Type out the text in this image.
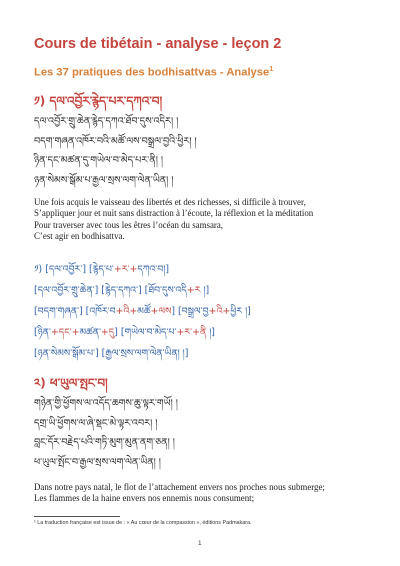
Cours de tibétain - analyse - leçon 2
Les 37 pratiques des bodhisattvas - Analyse$^1$
༡) དལ་འབྱོར་རྙེད་པར་དཀའ་བ།
དལ་འབྱོར་གྲུ་ཆེན་རྙེད་དཀའ་ཐོབ་དུས་འདིར། །
བདག་གཞན་འཁོར་བའི་མཚོ་ལས་བསྒྲལ་བྱའི་ཕྱིར། །
ཉིན་དང་མཚན་དུ་གཡེལ་བ་མེད་པར་ནི། །
ཉན་སེམས་སྒོམ་པ་རྒྱལ་སྲས་ལག་ལེན་ཡིན། །
Une fois acquis le vaisseau des libertés et des richesses, si difficile à trouver,
S’appliquer jour et nuit sans distraction à l’écoute, la réflexion et la méditation
Pour traverser avec tous les êtres l’océan du samsara,
C’est agir en bodhisattva.
༡) [དལ་འབྱོར་] [རྙེད་པ་+ར་+དཀའ་བ།]
[དལ་འབྱོར་གྲུ་ཆེན་] [རྙེད་དཀའ་] [ཐོབ་དུས་འདི+ར །]
[བདག་གཞན་] [འཁོར་བ+འི+མཚོ+ལས] [བསྒྲལ་བྱ+འི+ཕྱིར །]
[ཉིན་+དང་+མཚན་+དུ] [གཡེལ་བ་མེད་པ་+ར་+ནི །]
[ཉན་སེམས་སྒོམ་པ་] [རྒྱལ་སྲས་ལག་ལེན་ཡིན། །]
༢) ཕ་ཡུལ་སྤང་བ།
གཉེན་གྱི་ཕྱོགས་ལ་འདོད་ཆགས་ཆུ་ལྟར་གཡོ། །
དགྲ་ཡི་ཕྱོགས་ལ་ཞེ་སྡང་མེ་ལྟར་འབར། །
བླང་དོར་བརྗེད་པའི་གཏི་མུག་མུན་ནག་ཅན། །
ཕ་ཡུལ་སྤོང་བ་རྒྱལ་སྲས་ལག་ལེན་ཡིན། །
Dans notre pays natal, le flot de l’attachement envers nos proches nous submerge;
Les flammes de la haine envers nos ennemis nous consument;
¹ La traduction française est issue de : « Au cœur de la compassion », éditions Padmakara.
1
